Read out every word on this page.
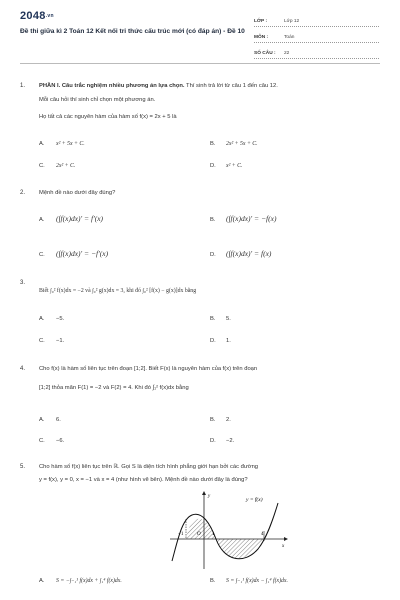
2048.vn
Đề thi giữa kì 2 Toán 12 Kết nối tri thức cấu trúc mới (có đáp án) - Đề 10
LỚP :	Lớp 12
MÔN :	Toán
SỐ CÂU : 22
1. PHẦN I. Câu trắc nghiệm nhiều phương án lựa chọn. Thí sinh trả lời từ câu 1 đến câu 12.
Mỗi câu hỏi thí sinh chỉ chọn một phương án.
Họ tất cả các nguyên hàm của hàm số f(x) = 2x + 5 là
A. x² + 5x + C.	B. 2x² + 5x + C.
C. 2x² + C.	D. x² + C.
2. Mệnh đề nào dưới đây đúng?
A. (∫f(x)dx)′ = f′(x)	B. (∫f(x)dx)′ = −f(x)
C. (∫f(x)dx)′ = −f′(x)	D. (∫f(x)dx)′ = f(x)
3.
Biết ∫₀² f(x)dx = −2 và ∫₀² g(x)dx = 3, khi đó ∫₀² [f(x) − g(x)]dx bằng
A. −5.	B. 5.
C. −1.	D. 1.
4. Cho f(x) là hàm số liên tục trên đoạn [1;2]. Biết F(x) là nguyên hàm của f(x) trên đoạn
[1;2] thỏa mãn F(1) = −2 và F(2) = 4. Khi đó ∫₁² f(x)dx bằng
A. 6.	B. 2.
C. −6.	D. −2.
5. Cho hàm số f(x) liên tục trên ℝ. Gọi S là diện tích hình phẳng giới hạn bởi các đường
y = f(x), y = 0, x = −1 và x = 4 (như hình vẽ bên). Mệnh đề nào dưới đây là đúng?
y
x
y = f(x)
−1	O 1	4
A. S = −∫₋₁¹ f(x)dx + ∫₁⁴ f(x)dx.	B. S = ∫₋₁¹ f(x)dx − ∫₁⁴ f(x)dx.
